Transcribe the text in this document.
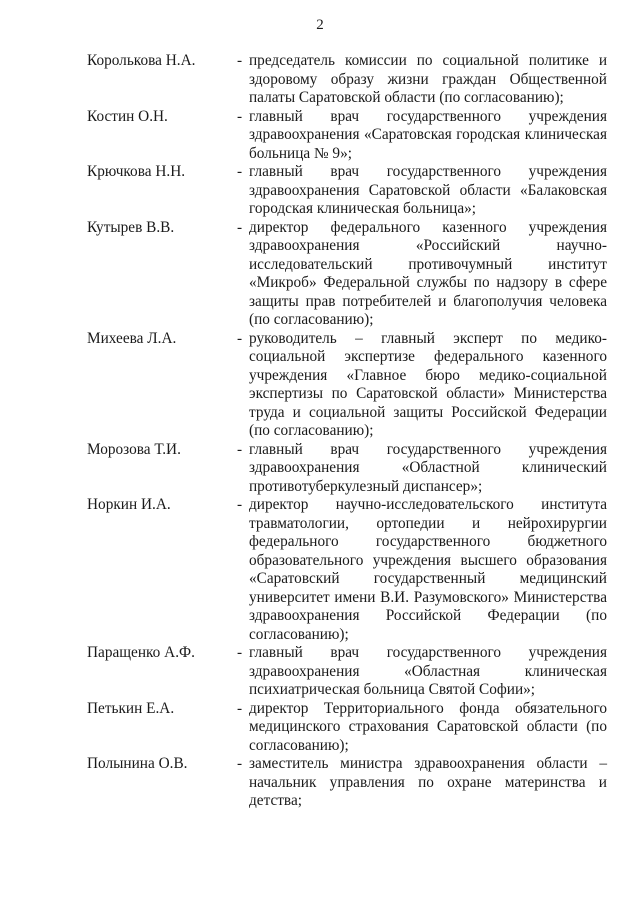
2
Королькова Н.А.	- председатель комиссии по социальной политике и здоровому образу жизни граждан Общественной палаты Саратовской области (по согласованию);
Костин О.Н.	- главный врач государственного учреждения здравоохранения «Саратовская городская клиническая больница № 9»;
Крючкова Н.Н.	- главный врач государственного учреждения здравоохранения Саратовской области «Балаковская городская клиническая больница»;
Кутырев В.В.	- директор федерального казенного учреждения здравоохранения «Российский научно-исследовательский противочумный институт «Микроб» Федеральной службы по надзору в сфере защиты прав потребителей и благополучия человека (по согласованию);
Михеева Л.А.	- руководитель – главный эксперт по медико-социальной экспертизе федерального казенного учреждения «Главное бюро медико-социальной экспертизы по Саратовской области» Министерства труда и социальной защиты Российской Федерации (по согласованию);
Морозова Т.И.	- главный врач государственного учреждения здравоохранения «Областной клинический противотуберкулезный диспансер»;
Норкин И.А.	- директор научно-исследовательского института травматологии, ортопедии и нейрохирургии федерального государственного бюджетного образовательного учреждения высшего образования «Саратовский государственный медицинский университет имени В.И. Разумовского» Министерства здравоохранения Российской Федерации (по согласованию);
Паращенко А.Ф.	- главный врач государственного учреждения здравоохранения «Областная клиническая психиатрическая больница Святой Софии»;
Петькин Е.А.	- директор Территориального фонда обязательного медицинского страхования Саратовской области (по согласованию);
Полынина О.В.	- заместитель министра здравоохранения области – начальник управления по охране материнства и детства;
